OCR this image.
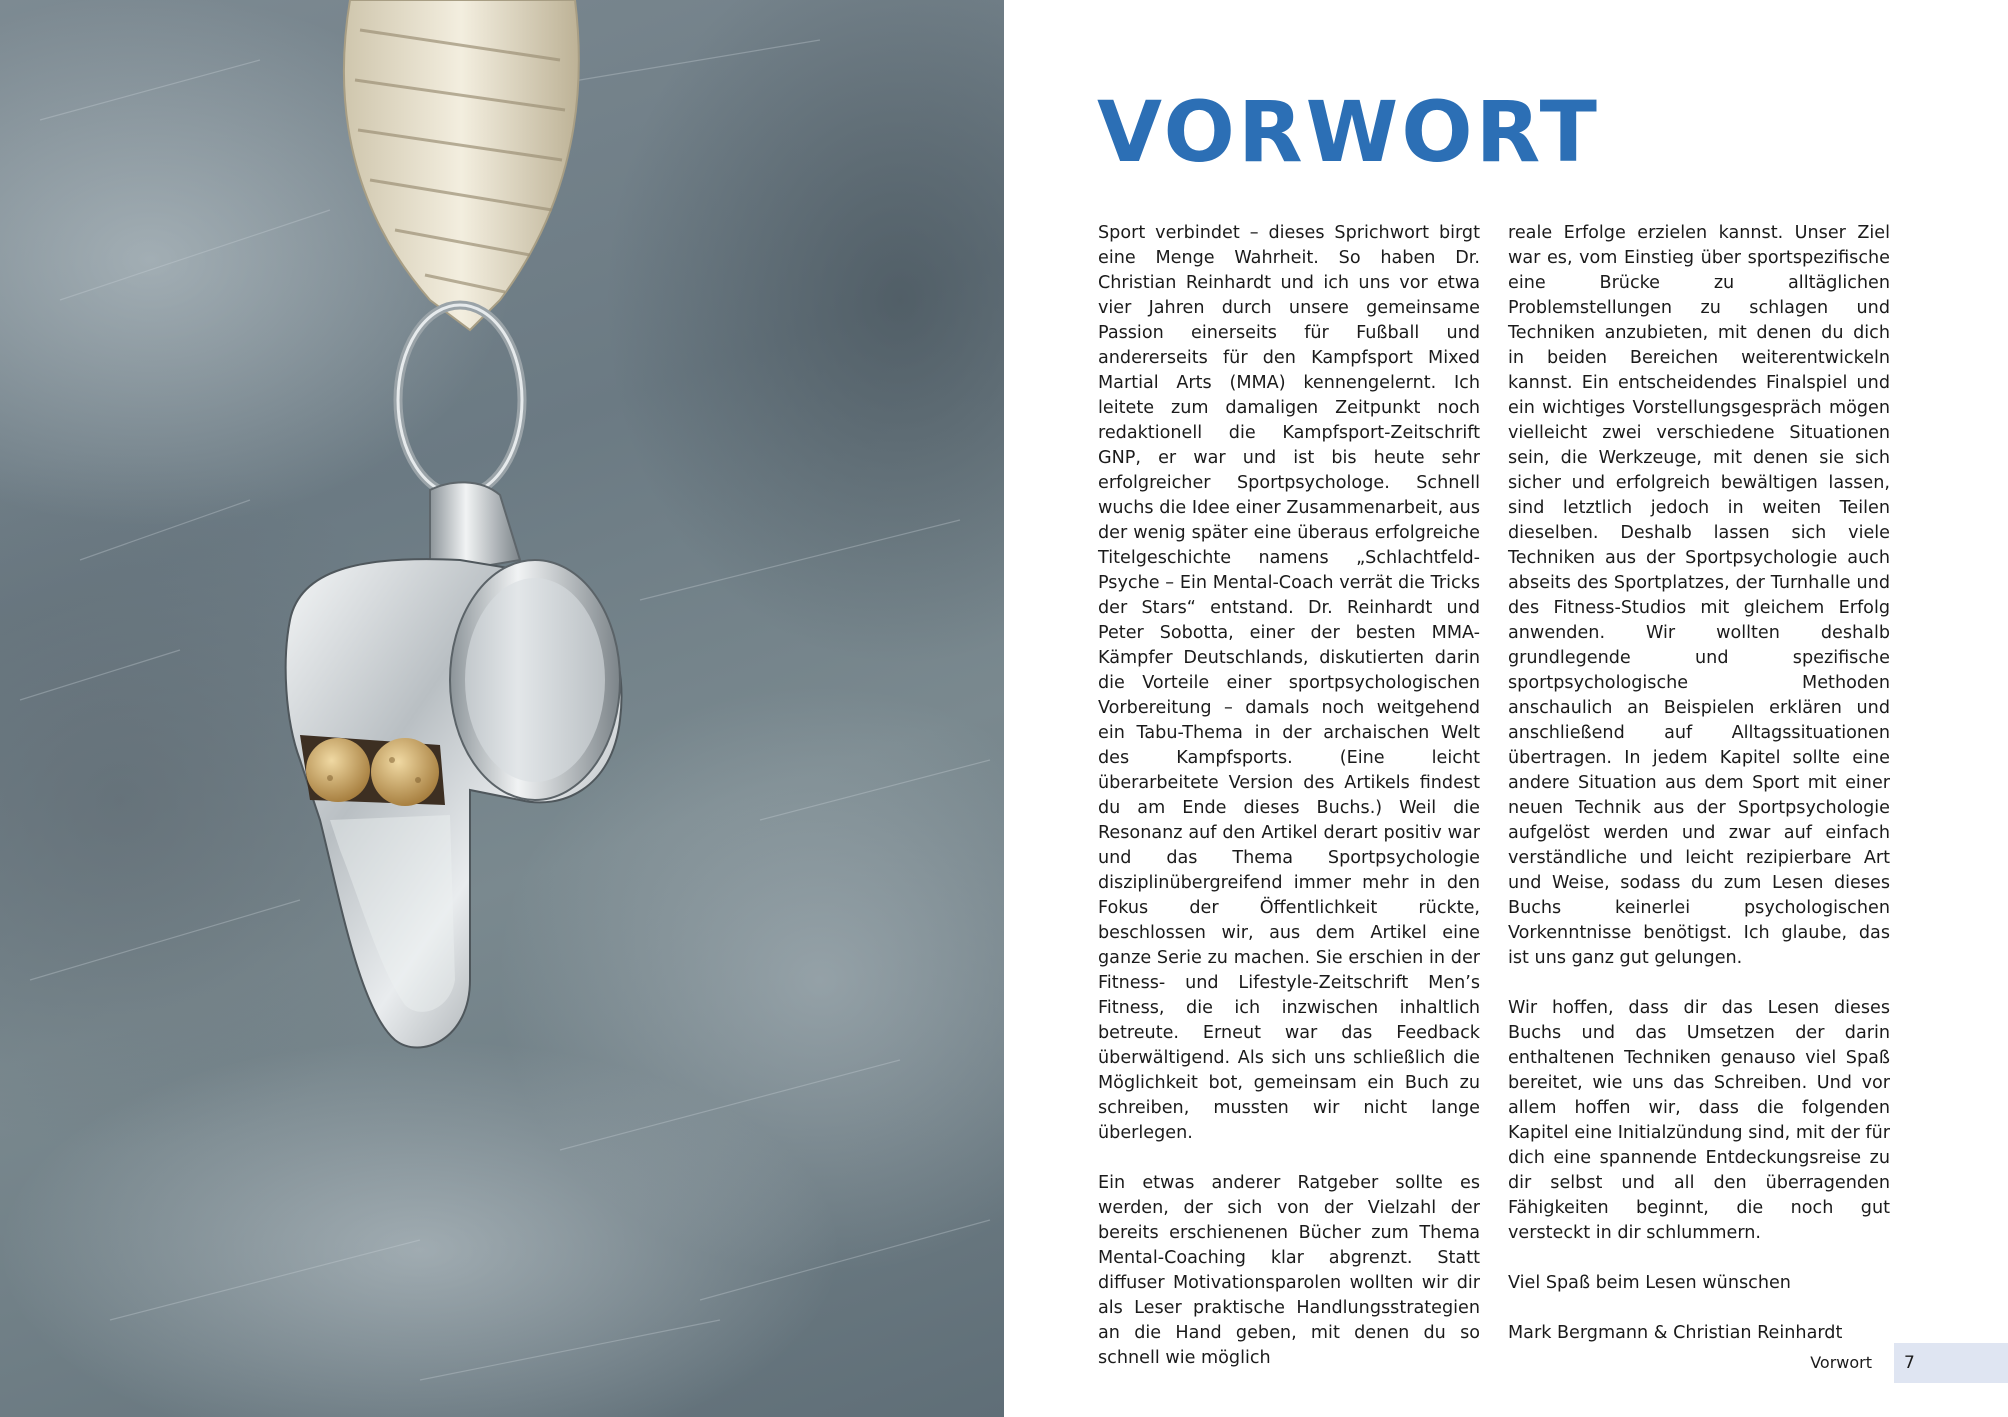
VORWORT

Sport verbindet – dieses Sprichwort birgt eine Menge Wahrheit. So haben Dr. Christian Reinhardt und ich uns vor etwa vier Jahren durch unsere gemeinsame Passion einerseits für Fußball und andererseits für den Kampfsport Mixed Martial Arts (MMA) kennengelernt. Ich leitete zum damaligen Zeitpunkt noch redaktionell die Kampfsport-Zeitschrift GNP, er war und ist bis heute sehr erfolgreicher Sportpsychologe. Schnell wuchs die Idee einer Zusammenarbeit, aus der wenig später eine überaus erfolgreiche Titelgeschichte namens „Schlachtfeld-Psyche – Ein Mental-Coach verrät die Tricks der Stars“ entstand. Dr. Reinhardt und Peter Sobotta, einer der besten MMA-Kämpfer Deutschlands, diskutierten darin die Vorteile einer sportpsychologischen Vorbereitung – damals noch weitgehend ein Tabu-Thema in der archaischen Welt des Kampfsports. (Eine leicht überarbeitete Version des Artikels findest du am Ende dieses Buchs.) Weil die Resonanz auf den Artikel derart positiv war und das Thema Sportpsychologie disziplinübergreifend immer mehr in den Fokus der Öffentlichkeit rückte, beschlossen wir, aus dem Artikel eine ganze Serie zu machen. Sie erschien in der Fitness- und Lifestyle-Zeitschrift Men’s Fitness, die ich inzwischen inhaltlich betreute. Erneut war das Feedback überwältigend. Als sich uns schließlich die Möglichkeit bot, gemeinsam ein Buch zu schreiben, mussten wir nicht lange überlegen.

Ein etwas anderer Ratgeber sollte es werden, der sich von der Vielzahl der bereits erschienenen Bücher zum Thema Mental-Coaching klar abgrenzt. Statt diffuser Motivationsparolen wollten wir dir als Leser praktische Handlungsstrategien an die Hand geben, mit denen du so schnell wie möglich

reale Erfolge erzielen kannst. Unser Ziel war es, vom Einstieg über sportspezifische eine Brücke zu alltäglichen Problemstellungen zu schlagen und Techniken anzubieten, mit denen du dich in beiden Bereichen weiterentwickeln kannst. Ein entscheidendes Finalspiel und ein wichtiges Vorstellungsgespräch mögen vielleicht zwei verschiedene Situationen sein, die Werkzeuge, mit denen sie sich sicher und erfolgreich bewältigen lassen, sind letztlich jedoch in weiten Teilen dieselben. Deshalb lassen sich viele Techniken aus der Sportpsychologie auch abseits des Sportplatzes, der Turnhalle und des Fitness-Studios mit gleichem Erfolg anwenden. Wir wollten deshalb grundlegende und spezifische sportpsychologische Methoden anschaulich an Beispielen erklären und anschließend auf Alltagssituationen übertragen. In jedem Kapitel sollte eine andere Situation aus dem Sport mit einer neuen Technik aus der Sportpsychologie aufgelöst werden und zwar auf einfach verständliche und leicht rezipierbare Art und Weise, sodass du zum Lesen dieses Buchs keinerlei psychologischen Vorkenntnisse benötigst. Ich glaube, das ist uns ganz gut gelungen.

Wir hoffen, dass dir das Lesen dieses Buchs und das Umsetzen der darin enthaltenen Techniken genauso viel Spaß bereitet, wie uns das Schreiben. Und vor allem hoffen wir, dass die folgenden Kapitel eine Initialzündung sind, mit der für dich eine spannende Entdeckungsreise zu dir selbst und all den überragenden Fähigkeiten beginnt, die noch gut versteckt in dir schlummern.

Viel Spaß beim Lesen wünschen

Mark Bergmann & Christian Reinhardt

Vorwort 7
